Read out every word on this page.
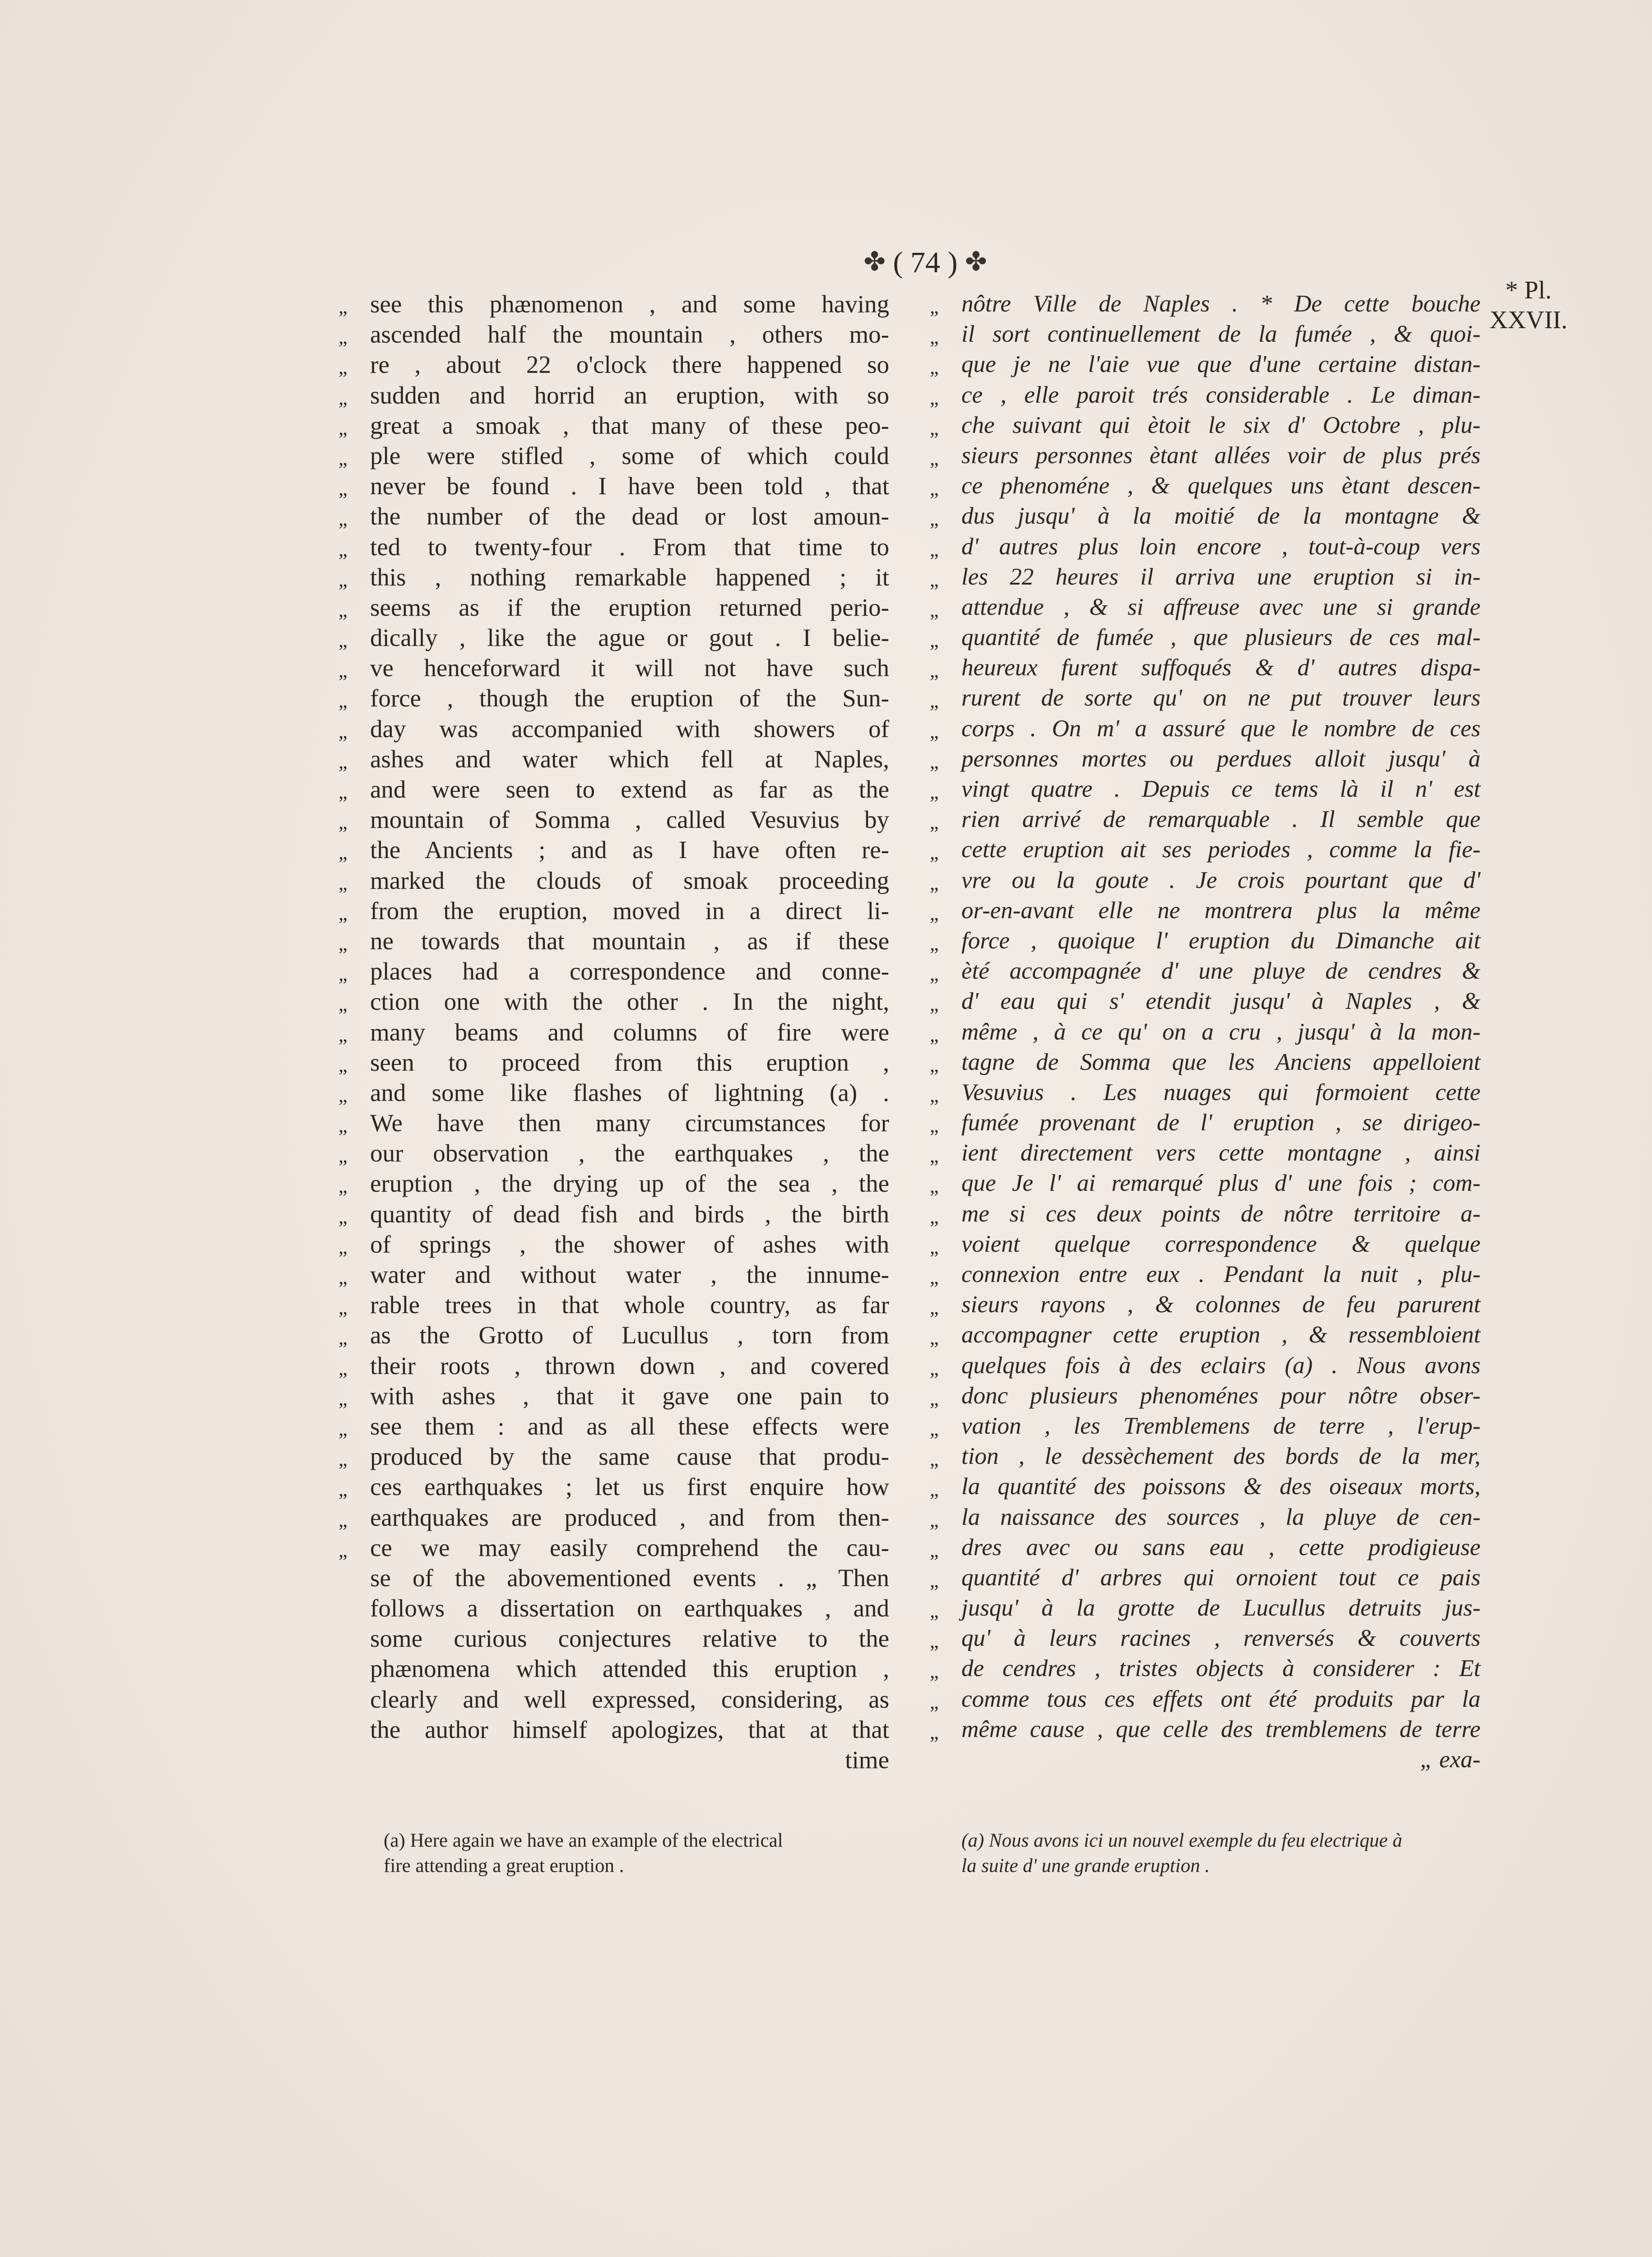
✤ ( 74 ) ✤
* Pl.
XXVII.
„ see this phænomenon , and some having
„ ascended half the mountain , others mo-
„ re , about 22 o'clock there happened so
„ sudden and horrid an eruption, with so
„ great a smoak , that many of these peo-
„ ple were stifled , some of which could
„ never be found . I have been told , that
„ the number of the dead or lost amoun-
„ ted to twenty-four . From that time to
„ this , nothing remarkable happened ; it
„ seems as if the eruption returned perio-
„ dically , like the ague or gout . I belie-
„ ve henceforward it will not have such
„ force , though the eruption of the Sun-
„ day was accompanied with showers of
„ ashes and water which fell at Naples,
„ and were seen to extend as far as the
„ mountain of Somma , called Vesuvius by
„ the Ancients ; and as I have often re-
„ marked the clouds of smoak proceeding
„ from the eruption, moved in a direct li-
„ ne towards that mountain , as if these
„ places had a correspondence and conne-
„ ction one with the other . In the night,
„ many beams and columns of fire were
„ seen to proceed from this eruption ,
„ and some like flashes of lightning (a) .
„ We have then many circumstances for
„ our observation , the earthquakes , the
„ eruption , the drying up of the sea , the
„ quantity of dead fish and birds , the birth
„ of springs , the shower of ashes with
„ water and without water , the innume-
„ rable trees in that whole country, as far
„ as the Grotto of Lucullus , torn from
„ their roots , thrown down , and covered
„ with ashes , that it gave one pain to
„ see them : and as all these effects were
„ produced by the same cause that produ-
„ ces earthquakes ; let us first enquire how
„ earthquakes are produced , and from then-
„ ce we may easily comprehend the cau-
se of the abovementioned events . „ Then
follows a dissertation on earthquakes , and
some curious conjectures relative to the
phænomena which attended this eruption ,
clearly and well expressed, considering, as
the author himself apologizes, that at that
time
„ nôtre Ville de Naples . * De cette bouche
„ il sort continuellement de la fumée , & quoi-
„ que je ne l'aie vue que d'une certaine distan-
„ ce , elle paroit trés considerable . Le diman-
„ che suivant qui ètoit le six d' Octobre , plu-
„ sieurs personnes ètant allées voir de plus prés
„ ce phenoméne , & quelques uns ètant descen-
„ dus jusqu' à la moitié de la montagne &
„ d' autres plus loin encore , tout-à-coup vers
„ les 22 heures il arriva une eruption si in-
„ attendue , & si affreuse avec une si grande
„ quantité de fumée , que plusieurs de ces mal-
„ heureux furent suffoqués & d' autres dispa-
„ rurent de sorte qu' on ne put trouver leurs
„ corps . On m' a assuré que le nombre de ces
„ personnes mortes ou perdues alloit jusqu' à
„ vingt quatre . Depuis ce tems là il n' est
„ rien arrivé de remarquable . Il semble que
„ cette eruption ait ses periodes , comme la fie-
„ vre ou la goute . Je crois pourtant que d'
„ or-en-avant elle ne montrera plus la même
„ force , quoique l' eruption du Dimanche ait
„ èté accompagnée d' une pluye de cendres &
„ d' eau qui s' etendit jusqu' à Naples , &
„ même , à ce qu' on a cru , jusqu' à la mon-
„ tagne de Somma que les Anciens appelloient
„ Vesuvius . Les nuages qui formoient cette
„ fumée provenant de l' eruption , se dirigeo-
„ ient directement vers cette montagne , ainsi
„ que Je l' ai remarqué plus d' une fois ; com-
„ me si ces deux points de nôtre territoire a-
„ voient quelque correspondence & quelque
„ connexion entre eux . Pendant la nuit , plu-
„ sieurs rayons , & colonnes de feu parurent
„ accompagner cette eruption , & ressembloient
„ quelques fois à des eclairs (a) . Nous avons
„ donc plusieurs phenoménes pour nôtre obser-
„ vation , les Tremblemens de terre , l'erup-
„ tion , le dessèchement des bords de la mer,
„ la quantité des poissons & des oiseaux morts,
„ la naissance des sources , la pluye de cen-
„ dres avec ou sans eau , cette prodigieuse
„ quantité d' arbres qui ornoient tout ce pais
„ jusqu' à la grotte de Lucullus detruits jus-
„ qu' à leurs racines , renversés & couverts
„ de cendres , tristes objects à considerer : Et
„ comme tous ces effets ont été produits par la
„ même cause , que celle des tremblemens de terre
„ exa-
(a) Here again we have an example of the electrical
fire attending a great eruption .
(a) Nous avons ici un nouvel exemple du feu electrique à
la suite d' une grande eruption .
